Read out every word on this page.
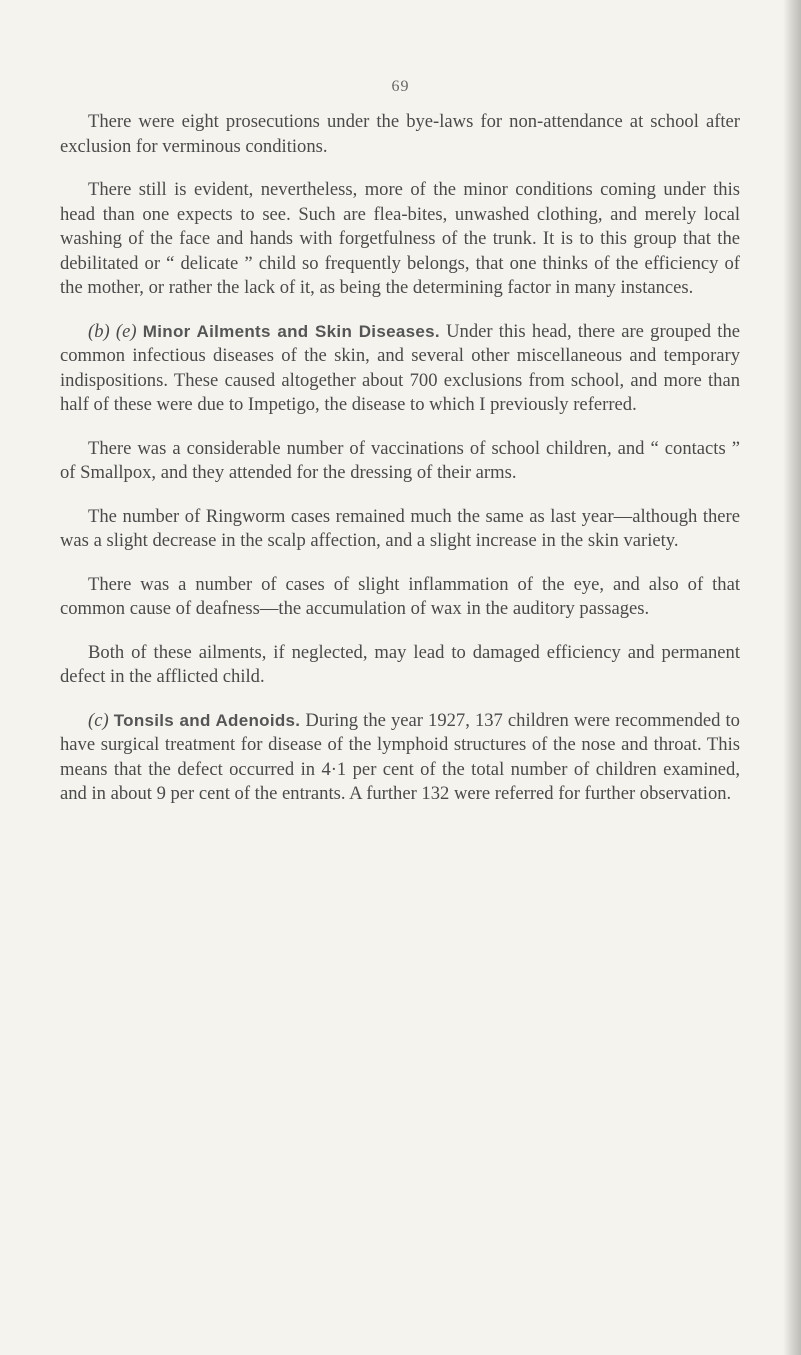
69

There were eight prosecutions under the bye-laws for non-attendance at school after exclusion for verminous conditions.

There still is evident, nevertheless, more of the minor conditions coming under this head than one expects to see. Such are flea-bites, unwashed clothing, and merely local washing of the face and hands with forgetfulness of the trunk. It is to this group that the debilitated or “ delicate ” child so frequently belongs, that one thinks of the efficiency of the mother, or rather the lack of it, as being the determining factor in many instances.

(b) (e) Minor Ailments and Skin Diseases. Under this head, there are grouped the common infectious diseases of the skin, and several other miscellaneous and temporary indispositions. These caused altogether about 700 exclusions from school, and more than half of these were due to Impetigo, the disease to which I previously referred.

There was a considerable number of vaccinations of school children, and “ contacts ” of Smallpox, and they attended for the dressing of their arms.

The number of Ringworm cases remained much the same as last year—although there was a slight decrease in the scalp affection, and a slight increase in the skin variety.

There was a number of cases of slight inflammation of the eye, and also of that common cause of deafness—the accumulation of wax in the auditory passages.

Both of these ailments, if neglected, may lead to damaged efficiency and permanent defect in the afflicted child.

(c) Tonsils and Adenoids. During the year 1927, 137 children were recommended to have surgical treatment for disease of the lymphoid structures of the nose and throat. This means that the defect occurred in 4·1 per cent of the total number of children examined, and in about 9 per cent of the entrants. A further 132 were referred for further observation.
